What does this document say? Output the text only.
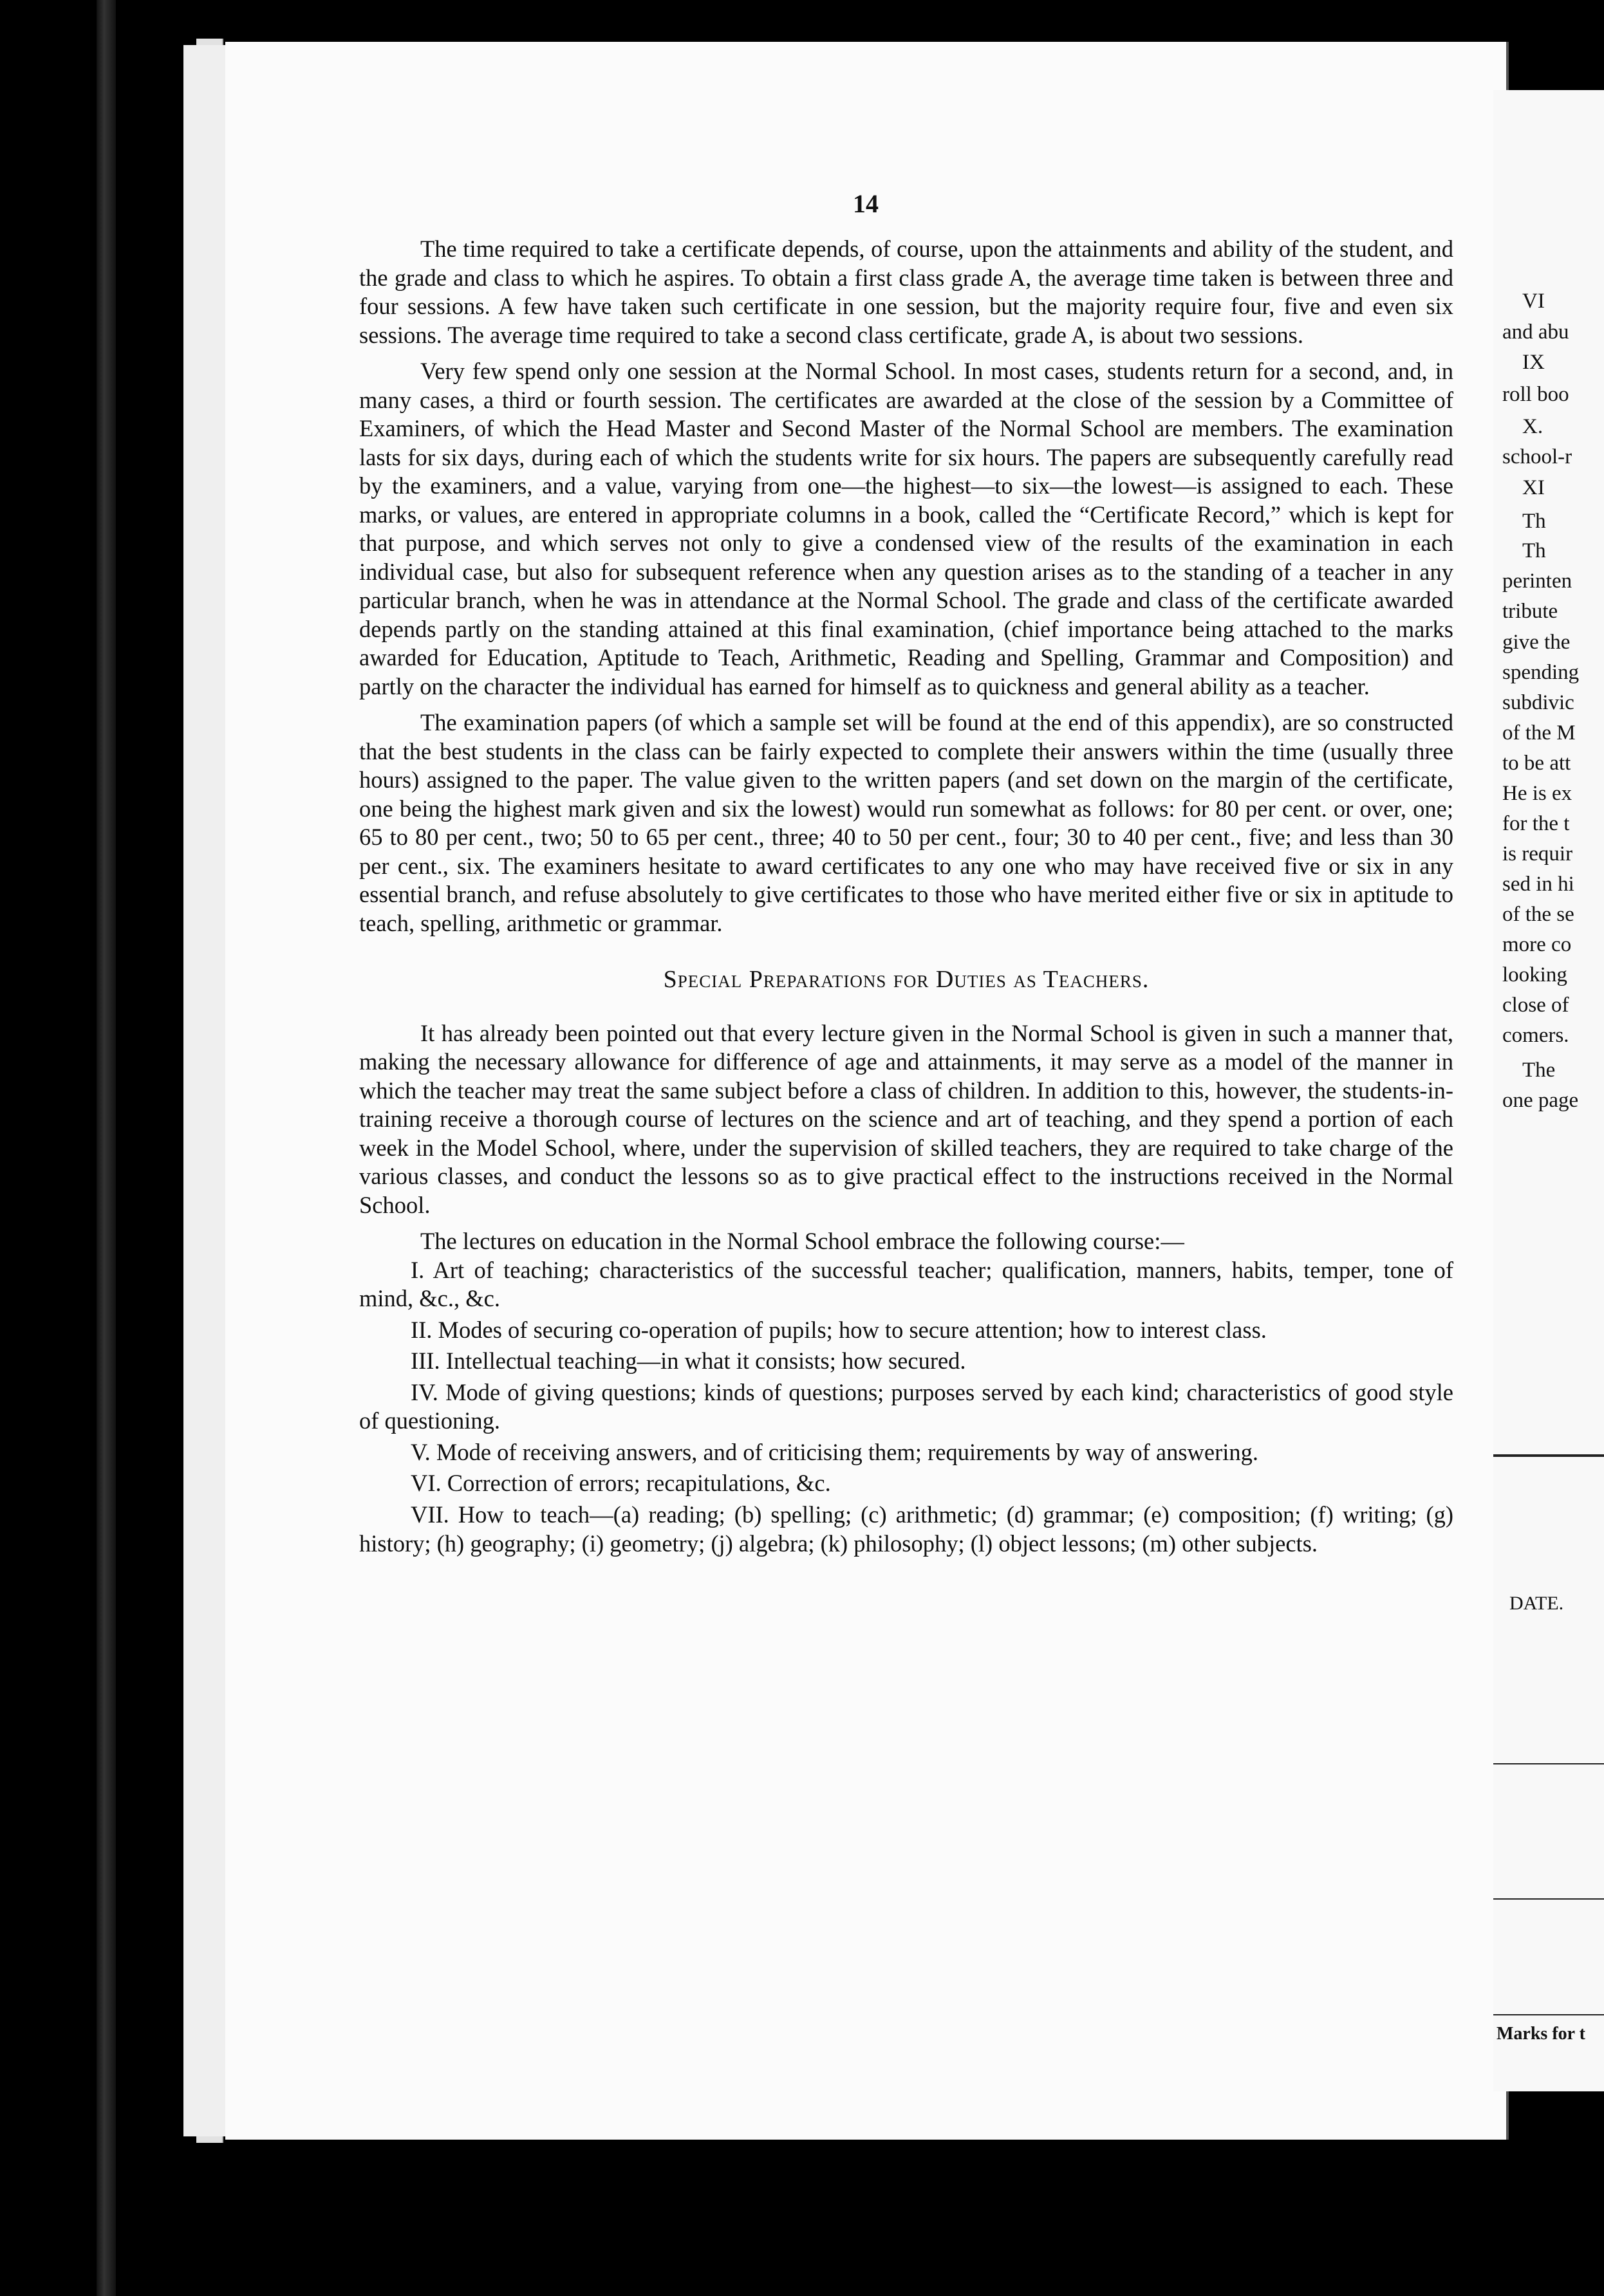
14

The time required to take a certificate depends, of course, upon the attainments and ability of the student, and the grade and class to which he aspires. To obtain a first class grade A, the average time taken is between three and four sessions. A few have taken such certificate in one session, but the majority require four, five and even six sessions. The average time required to take a second class certificate, grade A, is about two sessions.

Very few spend only one session at the Normal School. In most cases, students return for a second, and, in many cases, a third or fourth session. The certificates are awarded at the close of the session by a Committee of Examiners, of which the Head Master and Second Master of the Normal School are members. The examination lasts for six days, during each of which the students write for six hours. The papers are subsequently carefully read by the examiners, and a value, varying from one—the highest—to six—the lowest—is assigned to each. These marks, or values, are entered in appropriate columns in a book, called the “Certificate Record,” which is kept for that purpose, and which serves not only to give a condensed view of the results of the examination in each individual case, but also for subsequent reference when any question arises as to the standing of a teacher in any particular branch, when he was in attendance at the Normal School. The grade and class of the certificate awarded depends partly on the standing attained at this final examination, (chief importance being attached to the marks awarded for Education, Aptitude to Teach, Arithmetic, Reading and Spelling, Grammar and Composition) and partly on the character the individual has earned for himself as to quickness and general ability as a teacher.

The examination papers (of which a sample set will be found at the end of this appendix), are so constructed that the best students in the class can be fairly expected to complete their answers within the time (usually three hours) assigned to the paper. The value given to the written papers (and set down on the margin of the certificate, one being the highest mark given and six the lowest) would run somewhat as follows: for 80 per cent. or over, one; 65 to 80 per cent., two; 50 to 65 per cent., three; 40 to 50 per cent., four; 30 to 40 per cent., five; and less than 30 per cent., six. The examiners hesitate to award certificates to any one who may have received five or six in any essential branch, and refuse absolutely to give certificates to those who have merited either five or six in aptitude to teach, spelling, arithmetic or grammar.

Special Preparations for Duties as Teachers.

It has already been pointed out that every lecture given in the Normal School is given in such a manner that, making the necessary allowance for difference of age and attainments, it may serve as a model of the manner in which the teacher may treat the same subject before a class of children. In addition to this, however, the students-in-training receive a thorough course of lectures on the science and art of teaching, and they spend a portion of each week in the Model School, where, under the supervision of skilled teachers, they are required to take charge of the various classes, and conduct the lessons so as to give practical effect to the instructions received in the Normal School.

The lectures on education in the Normal School embrace the following course:—

I. Art of teaching; characteristics of the successful teacher; qualification, manners, habits, temper, tone of mind, &c., &c.

II. Modes of securing co-operation of pupils; how to secure attention; how to interest class.

III. Intellectual teaching—in what it consists; how secured.

IV. Mode of giving questions; kinds of questions; purposes served by each kind; characteristics of good style of questioning.

V. Mode of receiving answers, and of criticising them; requirements by way of answering.

VI. Correction of errors; recapitulations, &c.

VII. How to teach—(a) reading; (b) spelling; (c) arithmetic; (d) grammar; (e) composition; (f) writing; (g) history; (h) geography; (i) geometry; (j) algebra; (k) philosophy; (l) object lessons; (m) other subjects.

VI
and abu
IX
roll boo
X.
school-r
XI
Th
Th
perinten
tribute
give the
spending
subdivic
of the M
to be att
He is ex
for the t
is requir
sed in hi
of the se
more co
looking
close of
comers.
The
one page
DATE.
Marks for t
